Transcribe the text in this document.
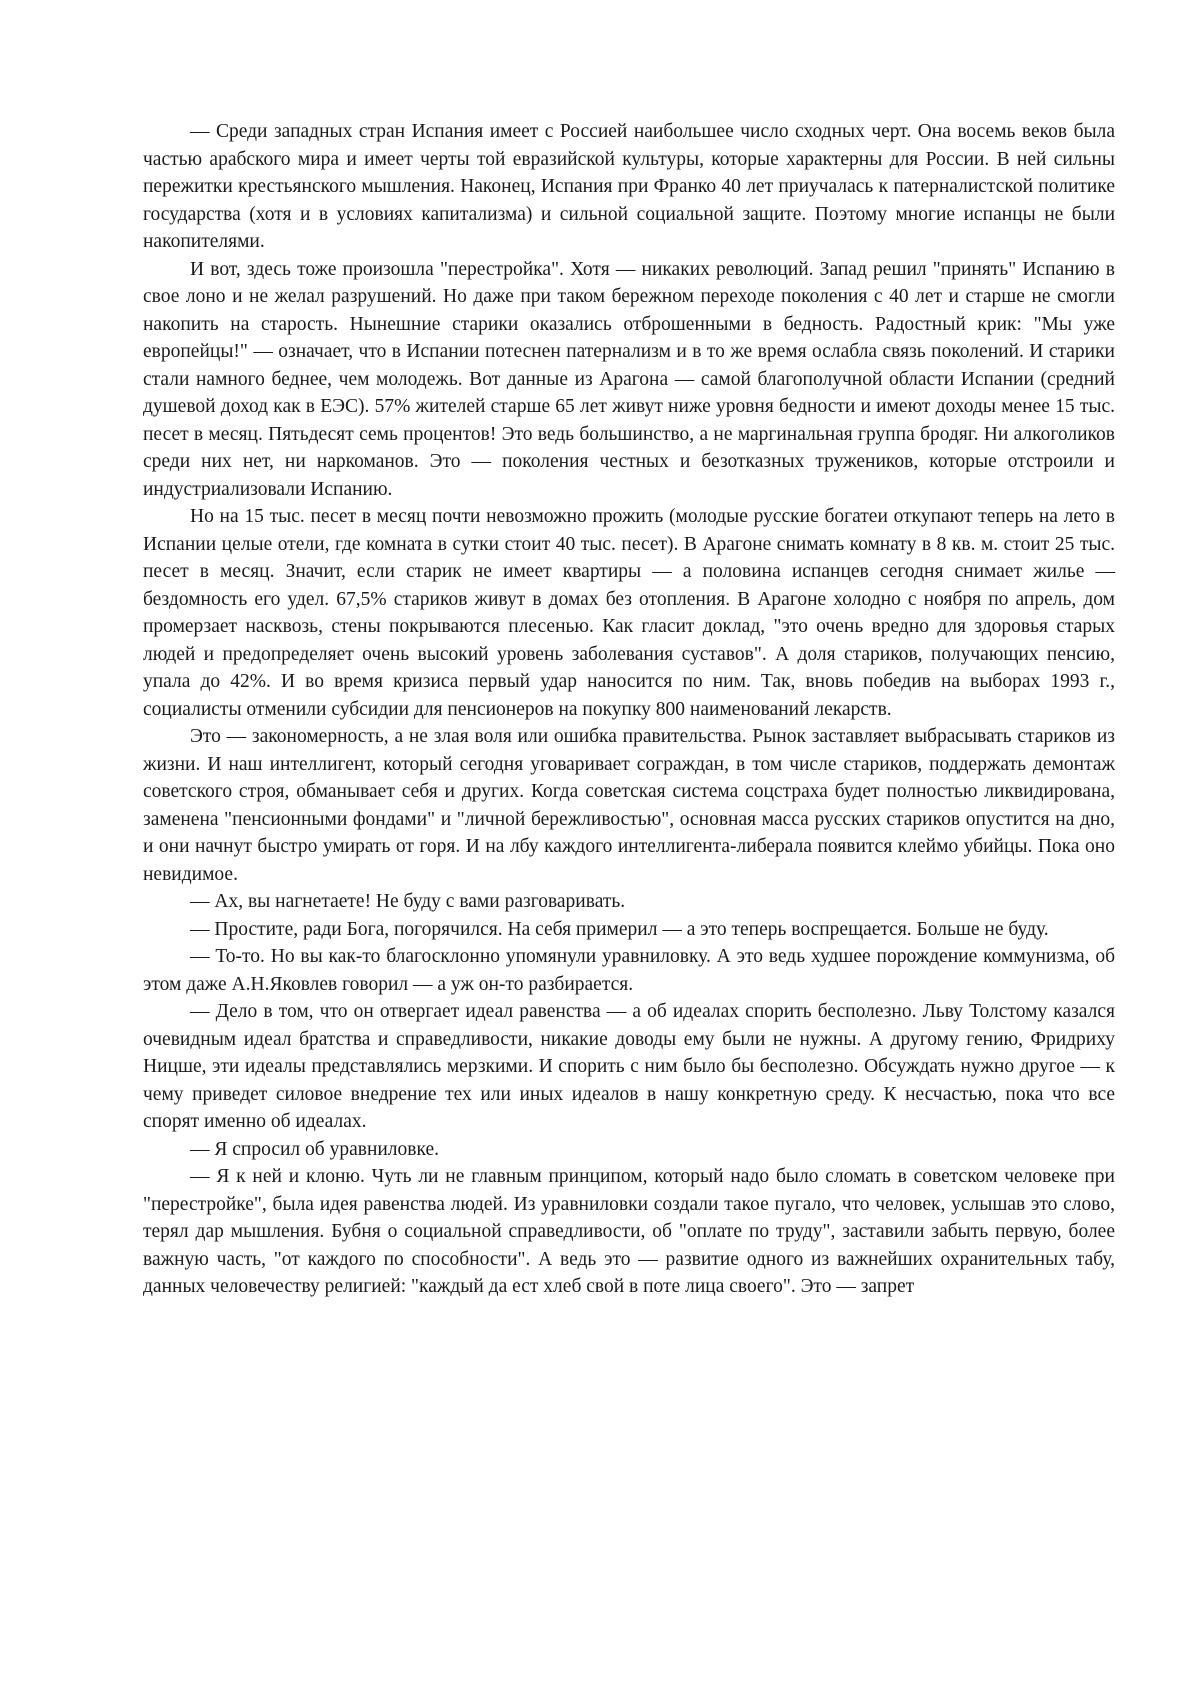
— Среди западных стран Испания имеет с Россией наибольшее число сходных черт. Она восемь веков была частью арабского мира и имеет черты той евразийской культуры, которые характерны для России. В ней сильны пережитки крестьянского мышления. Наконец, Испания при Франко 40 лет приучалась к патерналистской политике государства (хотя и в условиях капитализма) и сильной социальной защите. Поэтому многие испанцы не были накопителями.

И вот, здесь тоже произошла "перестройка". Хотя — никаких революций. Запад решил "принять" Испанию в свое лоно и не желал разрушений. Но даже при таком бережном переходе поколения с 40 лет и старше не смогли накопить на старость. Нынешние старики оказались отброшенными в бедность. Радостный крик: "Мы уже европейцы!" — означает, что в Испании потеснен патернализм и в то же время ослабла связь поколений. И старики стали намного беднее, чем молодежь. Вот данные из Арагона — самой благополучной области Испании (средний душевой доход как в ЕЭС). 57% жителей старше 65 лет живут ниже уровня бедности и имеют доходы менее 15 тыс. песет в месяц. Пятьдесят семь процентов! Это ведь большинство, а не маргинальная группа бродяг. Ни алкоголиков среди них нет, ни наркоманов. Это — поколения честных и безотказных тружеников, которые отстроили и индустриализовали Испанию.

Но на 15 тыс. песет в месяц почти невозможно прожить (молодые русские богатеи откупают теперь на лето в Испании целые отели, где комната в сутки стоит 40 тыс. песет). В Арагоне снимать комнату в 8 кв. м. стоит 25 тыс. песет в месяц. Значит, если старик не имеет квартиры — а половина испанцев сегодня снимает жилье — бездомность его удел. 67,5% стариков живут в домах без отопления. В Арагоне холодно с ноября по апрель, дом промерзает насквозь, стены покрываются плесенью. Как гласит доклад, "это очень вредно для здоровья старых людей и предопределяет очень высокий уровень заболевания суставов". А доля стариков, получающих пенсию, упала до 42%. И во время кризиса первый удар наносится по ним. Так, вновь победив на выборах 1993 г., социалисты отменили субсидии для пенсионеров на покупку 800 наименований лекарств.

Это — закономерность, а не злая воля или ошибка правительства. Рынок заставляет выбрасывать стариков из жизни. И наш интеллигент, который сегодня уговаривает сограждан, в том числе стариков, поддержать демонтаж советского строя, обманывает себя и других. Когда советская система соцстраха будет полностью ликвидирована, заменена "пенсионными фондами" и "личной бережливостью", основная масса русских стариков опустится на дно, и они начнут быстро умирать от горя. И на лбу каждого интеллигента-либерала появится клеймо убийцы. Пока оно невидимое.

— Ах, вы нагнетаете! Не буду с вами разговаривать.

— Простите, ради Бога, погорячился. На себя примерил — а это теперь воспрещается. Больше не буду.

— То-то. Но вы как-то благосклонно упомянули уравниловку. А это ведь худшее порождение коммунизма, об этом даже А.Н.Яковлев говорил — а уж он-то разбирается.

— Дело в том, что он отвергает идеал равенства — а об идеалах спорить бесполезно. Льву Толстому казался очевидным идеал братства и справедливости, никакие доводы ему были не нужны. А другому гению, Фридриху Ницше, эти идеалы представлялись мерзкими. И спорить с ним было бы бесполезно. Обсуждать нужно другое — к чему приведет силовое внедрение тех или иных идеалов в нашу конкретную среду. К несчастью, пока что все спорят именно об идеалах.

— Я спросил об уравниловке.

— Я к ней и клоню. Чуть ли не главным принципом, который надо было сломать в советском человеке при "перестройке", была идея равенства людей. Из уравниловки создали такое пугало, что человек, услышав это слово, терял дар мышления. Бубня о социальной справедливости, об "оплате по труду", заставили забыть первую, более важную часть, "от каждого по способности". А ведь это — развитие одного из важнейших охранительных табу, данных человечеству религией: "каждый да ест хлеб свой в поте лица своего". Это — запрет
